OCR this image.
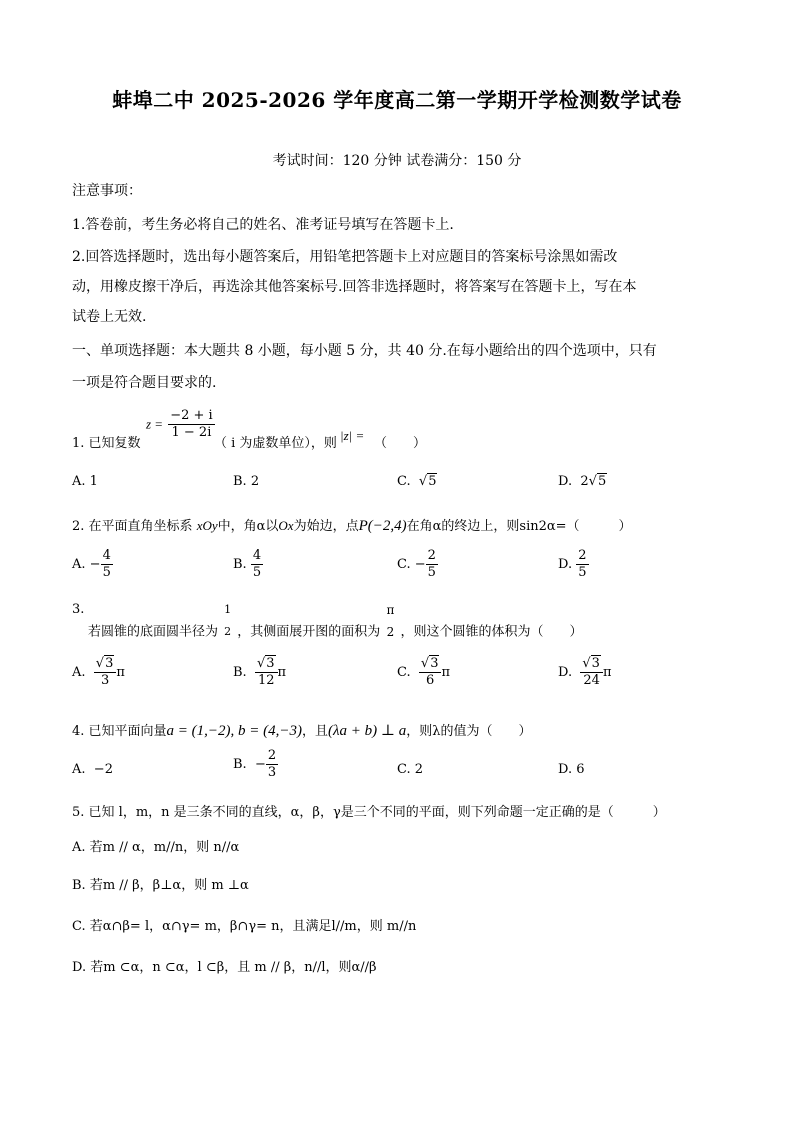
蚌埠二中 2025-2026 学年度高二第一学期开学检测数学试卷
考试时间：120 分钟 试卷满分：150 分
注意事项：
1.答卷前，考生务必将自己的姓名、准考证号填写在答题卡上.
2.回答选择题时，选出每小题答案后，用铅笔把答题卡上对应题目的答案标号涂黑如需改
动，用橡皮擦干净后，再选涂其他答案标号.回答非选择题时，将答案写在答题卡上，写在本
试卷上无效.
一、单项选择题：本大题共 8 小题，每小题 5 分，共 40 分.在每小题给出的四个选项中，只有
一项是符合题目要求的.
1. 已知复数
$z = \frac{-2 + i}{1 - 2i}$
（ i 为虚数单位），则
|z| =
（　　）
A. 1	B. 2	C. √5	D. 2√5
2. 在平面直角坐标系 xOy中，角α以Ox为始边，点P(−2,4)在角α的终边上，则sin2α=（　　　）
A. − $\frac{4}{5}$	B. $\frac{4}{5}$	C. − $\frac{2}{5}$	D. $\frac{2}{5}$
3.
若圆锥的底面圆半径为
1
2 ，其侧面展开图的面积为
π
2 ，则这个圆锥的体积为（　　）
A. $\frac{√3}{3}$ π	B. $\frac{√3}{12}$ π	C. $\frac{√3}{6}$ π	D. $\frac{√3}{24}$ π
4. 已知平面向量a = (1,−2), b = (4,−3)，且(λa + b) ⊥ a，则λ的值为（　　）
A. −2	B. − $\frac{2}{3}$	C. 2	D. 6
5. 已知 l，m，n 是三条不同的直线，α，β，γ是三个不同的平面，则下列命题一定正确的是（　　　）
A. 若m // α，m//n，则 n//α
B. 若m // β，β⊥α，则 m ⊥α
C. 若α∩β= l，α∩γ= m，β∩γ= n，且满足l//m，则 m//n
D. 若m ⊂α，n ⊂α，l ⊂β，且 m // β，n//l，则α//β
